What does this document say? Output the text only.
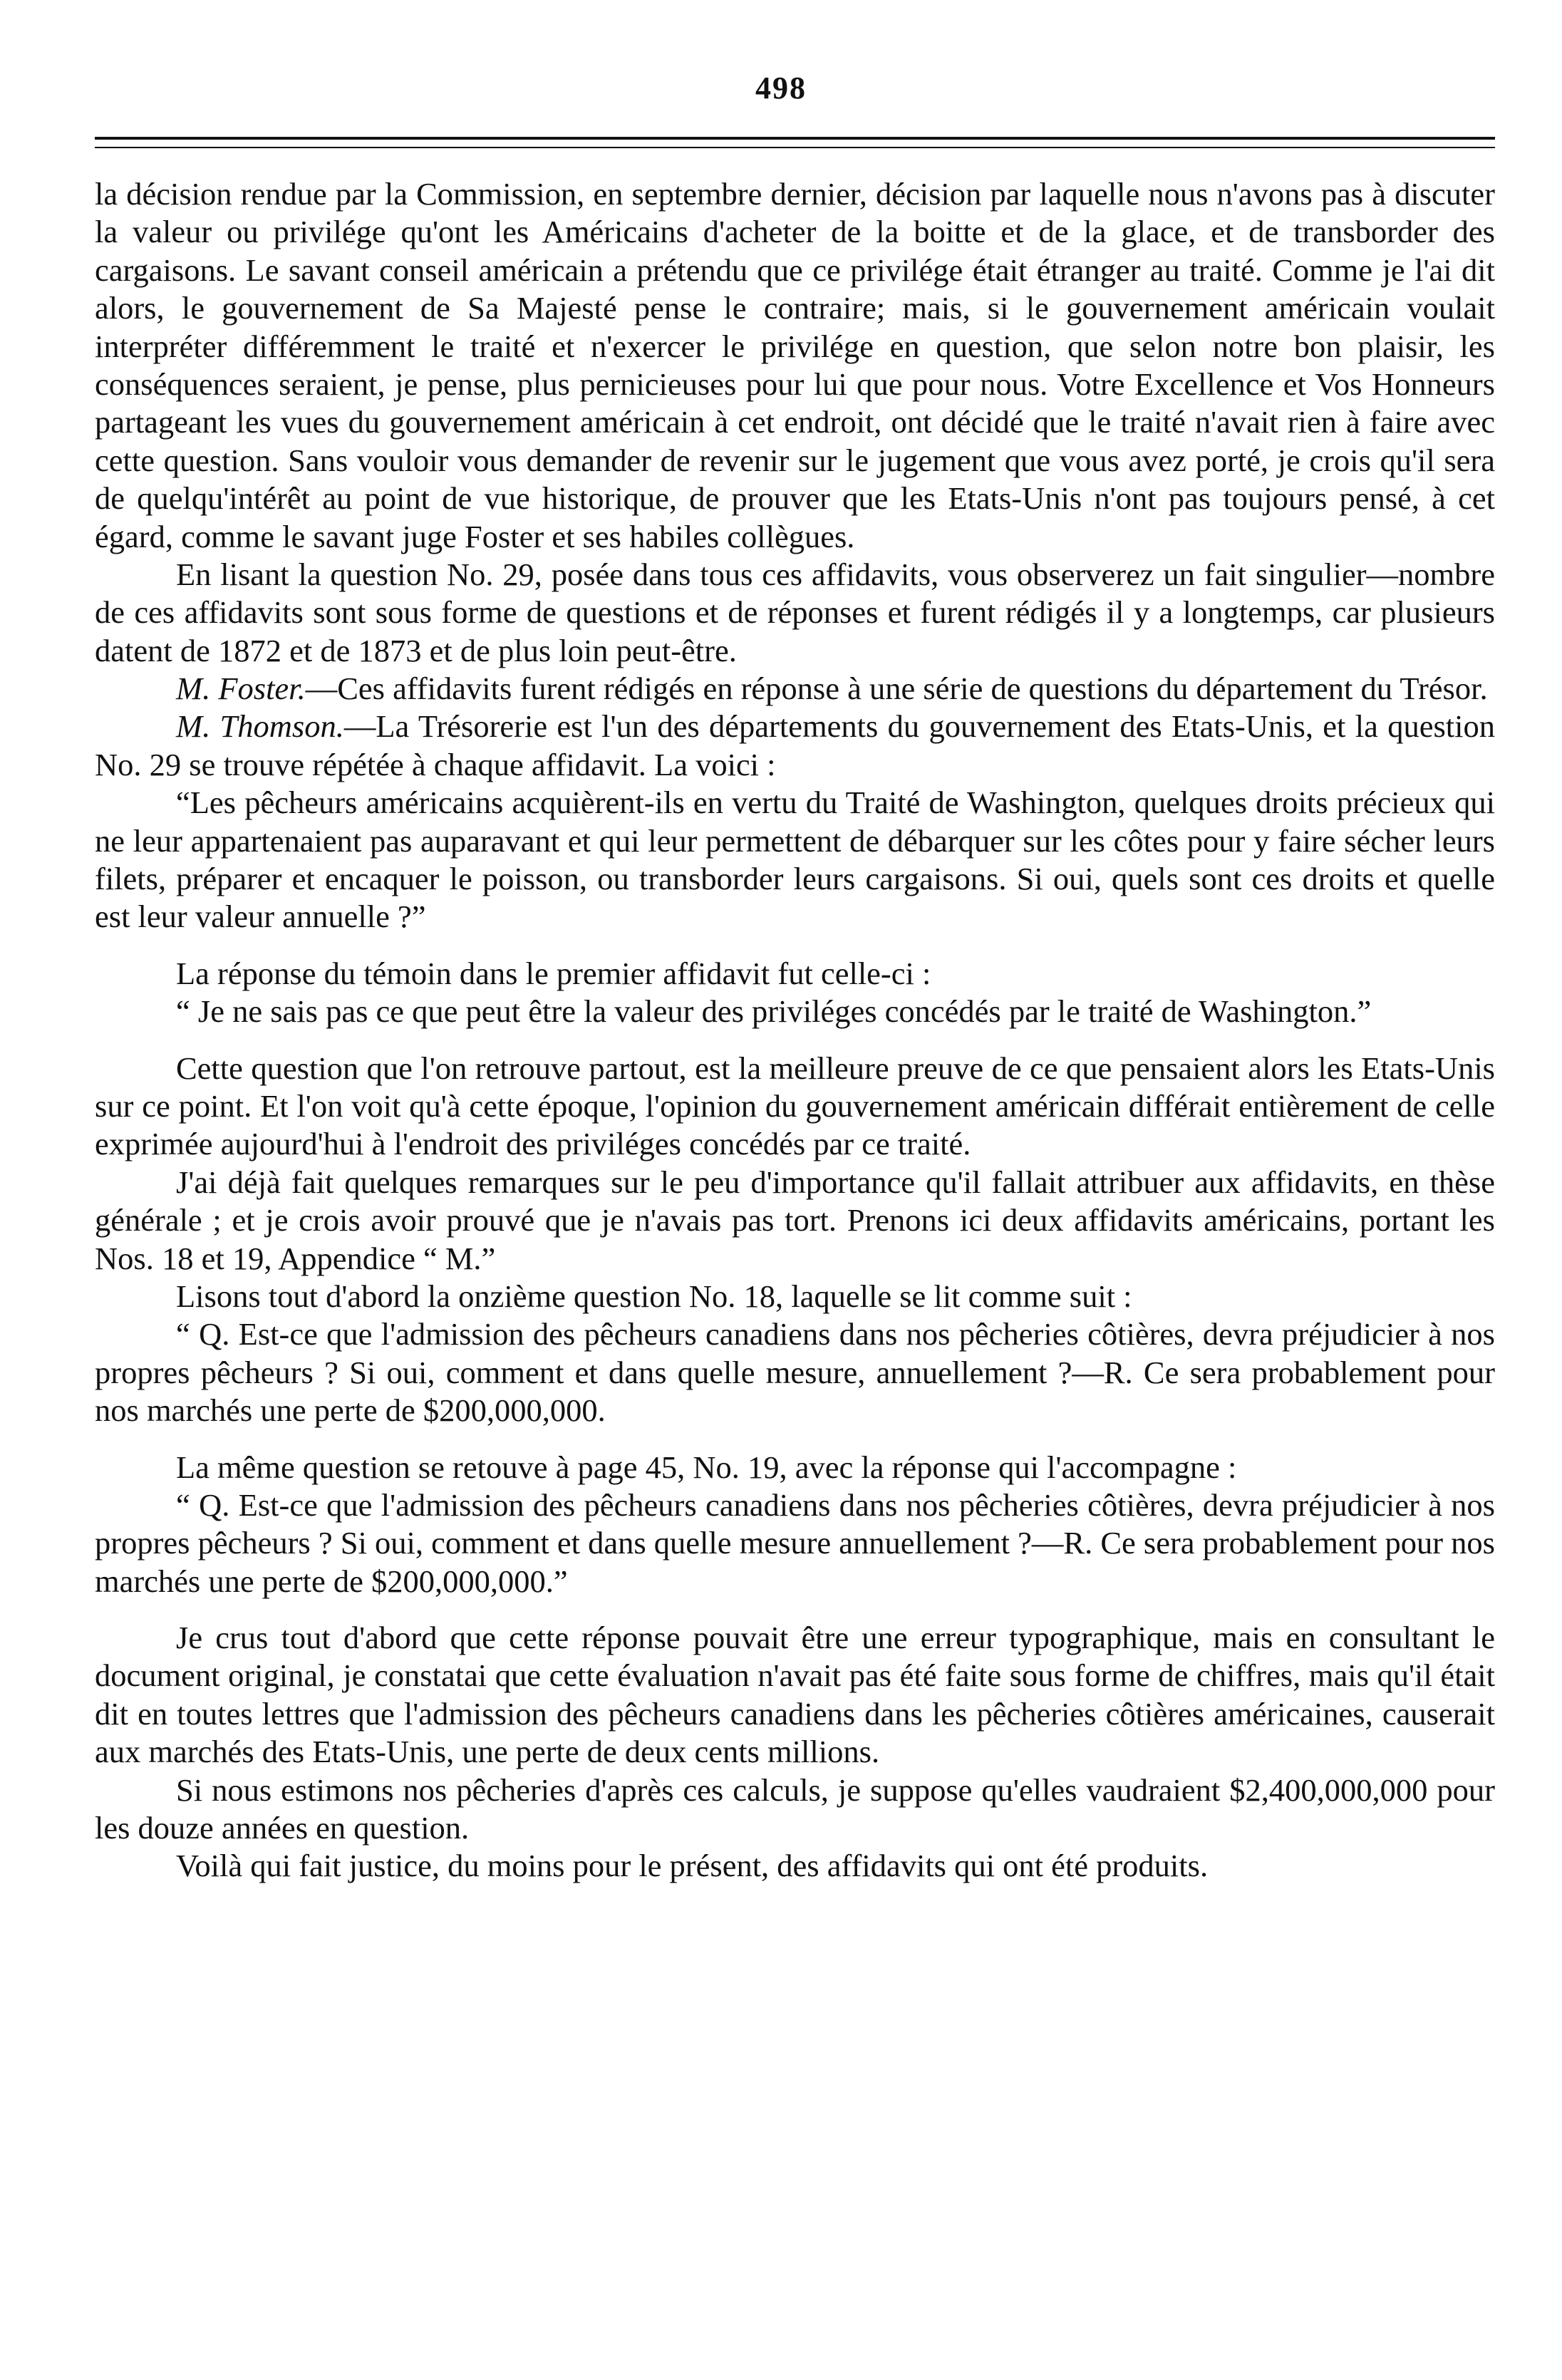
498

la décision rendue par la Commission, en septembre dernier, décision par laquelle nous n'avons pas à discuter la valeur ou privilége qu'ont les Américains d'acheter de la boitte et de la glace, et de transborder des cargaisons. Le savant conseil américain a prétendu que ce privilége était étranger au traité. Comme je l'ai dit alors, le gouvernement de Sa Majesté pense le contraire; mais, si le gouvernement américain voulait interpréter différemment le traité et n'exercer le privilége en question, que selon notre bon plaisir, les conséquences seraient, je pense, plus pernicieuses pour lui que pour nous. Votre Excellence et Vos Honneurs partageant les vues du gouvernement américain à cet endroit, ont décidé que le traité n'avait rien à faire avec cette question. Sans vouloir vous demander de revenir sur le jugement que vous avez porté, je crois qu'il sera de quelqu'intérêt au point de vue historique, de prouver que les Etats-Unis n'ont pas toujours pensé, à cet égard, comme le savant juge Foster et ses habiles collègues.

En lisant la question No. 29, posée dans tous ces affidavits, vous observerez un fait singulier—nombre de ces affidavits sont sous forme de questions et de réponses et furent rédigés il y a longtemps, car plusieurs datent de 1872 et de 1873 et de plus loin peut-être.

M. Foster.—Ces affidavits furent rédigés en réponse à une série de questions du département du Trésor.

M. Thomson.—La Trésorerie est l'un des départements du gouvernement des Etats-Unis, et la question No. 29 se trouve répétée à chaque affidavit. La voici :

“Les pêcheurs américains acquièrent-ils en vertu du Traité de Washington, quelques droits précieux qui ne leur appartenaient pas auparavant et qui leur permettent de débarquer sur les côtes pour y faire sécher leurs filets, préparer et encaquer le poisson, ou transborder leurs cargaisons. Si oui, quels sont ces droits et quelle est leur valeur annuelle ?”

La réponse du témoin dans le premier affidavit fut celle-ci :

“ Je ne sais pas ce que peut être la valeur des priviléges concédés par le traité de Washington.”

Cette question que l'on retrouve partout, est la meilleure preuve de ce que pensaient alors les Etats-Unis sur ce point. Et l'on voit qu'à cette époque, l'opinion du gouvernement américain différait entièrement de celle exprimée aujourd'hui à l'endroit des priviléges concédés par ce traité.

J'ai déjà fait quelques remarques sur le peu d'importance qu'il fallait attribuer aux affidavits, en thèse générale ; et je crois avoir prouvé que je n'avais pas tort. Prenons ici deux affidavits américains, portant les Nos. 18 et 19, Appendice “ M.”

Lisons tout d'abord la onzième question No. 18, laquelle se lit comme suit :

“ Q. Est-ce que l'admission des pêcheurs canadiens dans nos pêcheries côtières, devra préjudicier à nos propres pêcheurs ? Si oui, comment et dans quelle mesure, annuellement ?—R. Ce sera probablement pour nos marchés une perte de $200,000,000.

La même question se retouve à page 45, No. 19, avec la réponse qui l'accompagne :

“ Q. Est-ce que l'admission des pêcheurs canadiens dans nos pêcheries côtières, devra préjudicier à nos propres pêcheurs ? Si oui, comment et dans quelle mesure annuellement ?—R. Ce sera probablement pour nos marchés une perte de $200,000,000.”

Je crus tout d'abord que cette réponse pouvait être une erreur typographique, mais en consultant le document original, je constatai que cette évaluation n'avait pas été faite sous forme de chiffres, mais qu'il était dit en toutes lettres que l'admission des pêcheurs canadiens dans les pêcheries côtières américaines, causerait aux marchés des Etats-Unis, une perte de deux cents millions.

Si nous estimons nos pêcheries d'après ces calculs, je suppose qu'elles vaudraient $2,400,000,000 pour les douze années en question.

Voilà qui fait justice, du moins pour le présent, des affidavits qui ont été produits.
